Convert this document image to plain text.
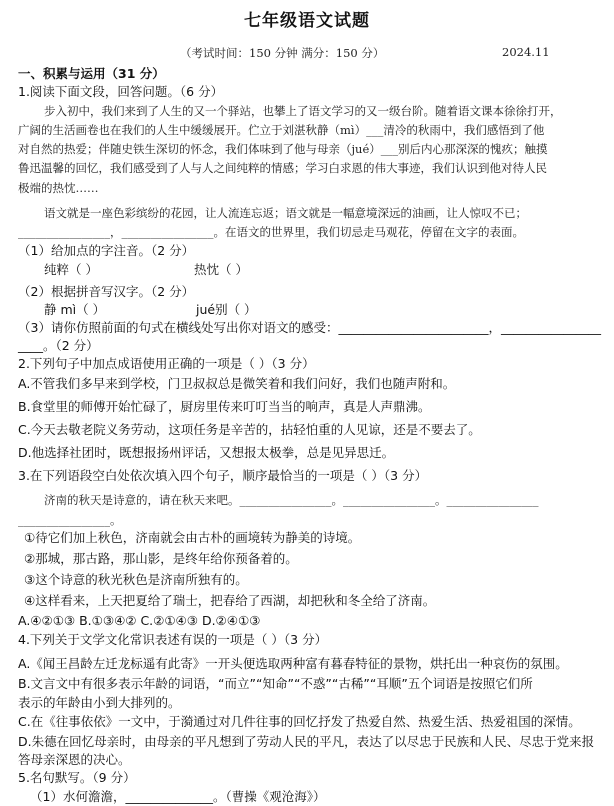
七年级语文试题
（考试时间：150 分钟 满分：150 分）	2024.11
一、积累与运用（31 分）
1.阅读下面文段，回答问题。（6 分）
步入初中，我们来到了人生的又一个驿站，也攀上了语文学习的又一级台阶。随着语文课本徐徐打开，
广阔的生活画卷也在我们的人生中缓缓展开。伫立于刘湛秋静（mì）___清冷的秋雨中，我们感悟到了他
对自然的热爱；伴随史铁生深切的怀念，我们体味到了他与母亲（jué）___别后内心那深深的愧疚；触摸
鲁迅温馨的回忆，我们感受到了人与人之间纯粹的情感；学习白求恩的伟大事迹，我们认识到他对待人民
极端的热忱……
语文就是一座色彩缤纷的花园，让人流连忘返；语文就是一幅意境深远的油画，让人惊叹不已；
________________，________________。在语文的世界里，我们切忌走马观花，停留在文字的表面。
（1）给加点的字注音。（2 分）
纯粹（ ）	热忱（ ）
（2）根据拼音写汉字。（2 分）
静 mì（ ）	jué别（ ）
（3）请你仿照前面的句式在横线处写出你对语文的感受：________________________，________________
____。（2 分）
2.下列句子中加点成语使用正确的一项是（ ）（3 分）
A.不管我们多早来到学校，门卫叔叔总是微笑着和我们问好，我们也随声附和。
B.食堂里的师傅开始忙碌了，厨房里传来叮叮当当的响声，真是人声鼎沸。
C.今天去敬老院义务劳动，这项任务是辛苦的，拈轻怕重的人见谅，还是不要去了。
D.他选择社团时，既想报扬州评话，又想报太极拳，总是见异思迁。
3.在下列语段空白处依次填入四个句子，顺序最恰当的一项是（ ）（3 分）
济南的秋天是诗意的，请在秋天来吧。________________。________________。________________
________________。
①待它们加上秋色，济南就会由古朴的画境转为静美的诗境。
②那城，那古路，那山影，是终年给你预备着的。
③这个诗意的秋光秋色是济南所独有的。
④这样看来，上天把夏给了瑞士，把春给了西湖，却把秋和冬全给了济南。
A.④②①③ B.①③④② C.②①④③ D.②④①③
4.下列关于文学文化常识表述有误的一项是（ ）（3 分）
A.《闻王昌龄左迁龙标遥有此寄》一开头便选取两种富有暮春特征的景物，烘托出一种哀伤的氛围。
B.文言文中有很多表示年龄的词语，“而立”“知命”“不惑”“古稀”“耳顺”五个词语是按照它们所
表示的年龄由小到大排列的。
C.在《往事依依》一文中，于漪通过对几件往事的回忆抒发了热爱自然、热爱生活、热爱祖国的深情。
D.朱德在回忆母亲时，由母亲的平凡想到了劳动人民的平凡，表达了以尽忠于民族和人民、尽忠于党来报
答母亲深恩的决心。
5.名句默写。（9 分）
（1）水何澹澹，______________。（曹操《观沧海》）
